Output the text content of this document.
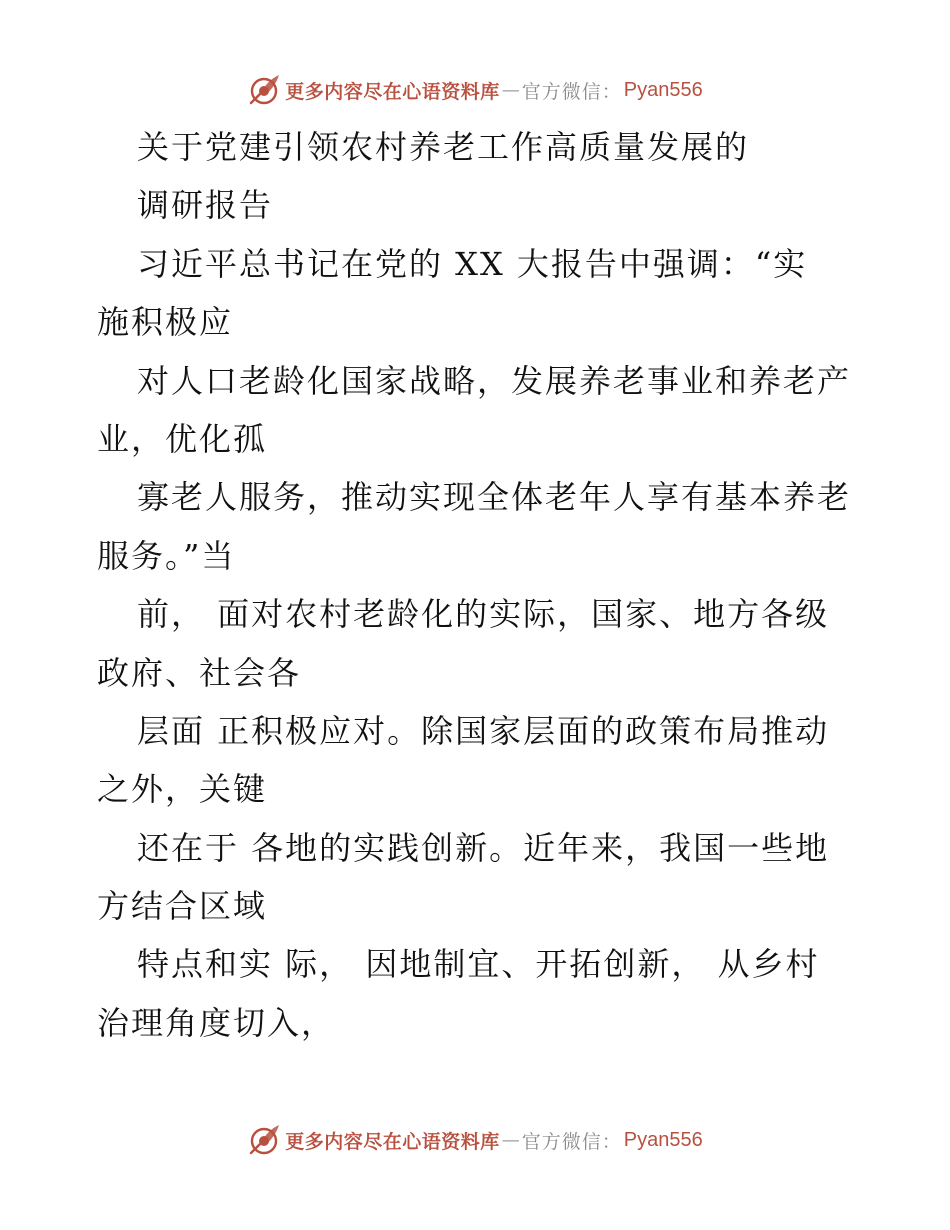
更多内容尽在心语资料库 — 官方微信： Pyan556
关于党建引领农村养老工作高质量发展的
调研报告
习近平总书记在党的 XX 大报告中强调：“实
施积极应
对人口老龄化国家战略，发展养老事业和养老产
业，优化孤
寡老人服务，推动实现全体老年人享有基本养老
服务。”当
前， 面对农村老龄化的实际，国家、地方各级
政府、社会各
层面 正积极应对。除国家层面的政策布局推动
之外，关键
还在于 各地的实践创新。近年来，我国一些地
方结合区域
特点和实 际， 因地制宜、开拓创新， 从乡村
治理角度切入，
更多内容尽在心语资料库 — 官方微信： Pyan556
